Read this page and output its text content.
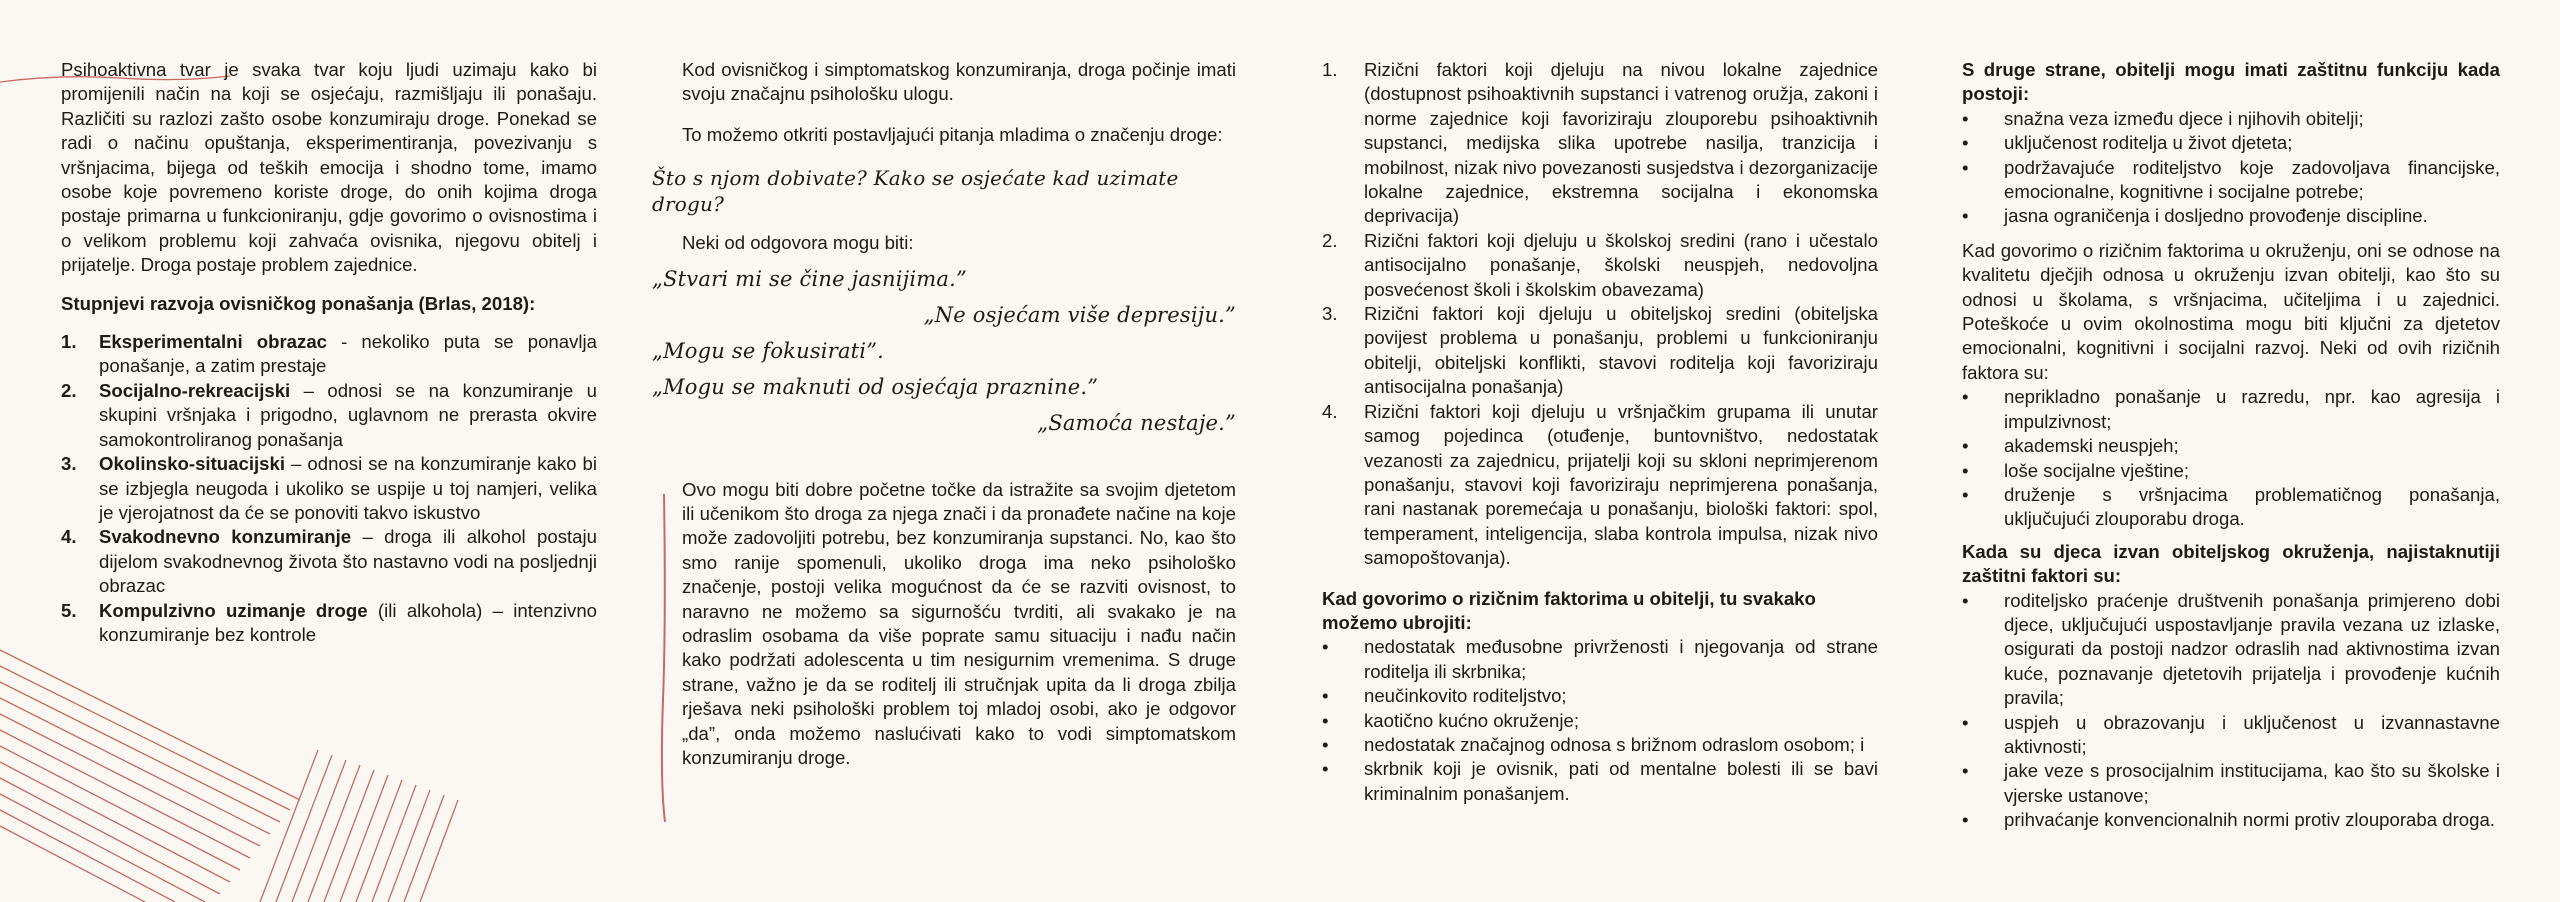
Psihoaktivna tvar je svaka tvar koju ljudi uzimaju kako bi promijenili način na koji se osjećaju, razmišljaju ili ponašaju. Različiti su razlozi zašto osobe konzumiraju droge. Ponekad se radi o načinu opuštanja, eksperimentiranja, povezivanju s vršnjacima, bijega od teških emocija i shodno tome, imamo osobe koje povremeno koriste droge, do onih kojima droga postaje primarna u funkcioniranju, gdje govorimo o ovisnostima i o velikom problemu koji zahvaća ovisnika, njegovu obitelj i prijatelje. Droga postaje problem zajednice.

Stupnjevi razvoja ovisničkog ponašanja (Brlas, 2018):

1. Eksperimentalni obrazac - nekoliko puta se ponavlja ponašanje, a zatim prestaje
2. Socijalno-rekreacijski – odnosi se na konzumiranje u skupini vršnjaka i prigodno, uglavnom ne prerasta okvire samokontroliranog ponašanja
3. Okolinsko-situacijski – odnosi se na konzumiranje kako bi se izbjegla neugoda i ukoliko se uspije u toj namjeri, velika je vjerojatnost da će se ponoviti takvo iskustvo
4. Svakodnevno konzumiranje – droga ili alkohol postaju dijelom svakodnevnog života što nastavno vodi na posljednji obrazac
5. Kompulzivno uzimanje droge (ili alkohola) – intenzivno konzumiranje bez kontrole

Kod ovisničkog i simptomatskog konzumiranja, droga počinje imati svoju značajnu psihološku ulogu.

To možemo otkriti postavljajući pitanja mladima o značenju droge:

Što s njom dobivate? Kako se osjećate kad uzimate drogu?

Neki od odgovora mogu biti:

„Stvari mi se čine jasnijima.”

„Ne osjećam više depresiju.”

„Mogu se fokusirati”.

„Mogu se maknuti od osjećaja praznine.”

„Samoća nestaje.”

Ovo mogu biti dobre početne točke da istražite sa svojim djetetom ili učenikom što droga za njega znači i da pronađete načine na koje može zadovoljiti potrebu, bez konzumiranja supstanci. No, kao što smo ranije spomenuli, ukoliko droga ima neko psihološko značenje, postoji velika mogućnost da će se razviti ovisnost, to naravno ne možemo sa sigurnošću tvrditi, ali svakako je na odraslim osobama da više poprate samu situaciju i nađu način kako podržati adolescenta u tim nesigurnim vremenima. S druge strane, važno je da se roditelj ili stručnjak upita da li droga zbilja rješava neki psihološki problem toj mladoj osobi, ako je odgovor „da”, onda možemo naslućivati kako to vodi simptomatskom konzumiranju droge.

1. Rizični faktori koji djeluju na nivou lokalne zajednice (dostupnost psihoaktivnih supstanci i vatrenog oružja, zakoni i norme zajednice koji favoriziraju zlouporebu psihoaktivnih supstanci, medijska slika upotrebe nasilja, tranzicija i mobilnost, nizak nivo povezanosti susjedstva i dezorganizacije lokalne zajednice, ekstremna socijalna i ekonomska deprivacija)
2. Rizični faktori koji djeluju u školskoj sredini (rano i učestalo antisocijalno ponašanje, školski neuspjeh, nedovoljna posvećenost školi i školskim obavezama)
3. Rizični faktori koji djeluju u obiteljskoj sredini (obiteljska povijest problema u ponašanju, problemi u funkcioniranju obitelji, obiteljski konflikti, stavovi roditelja koji favoriziraju antisocijalna ponašanja)
4. Rizični faktori koji djeluju u vršnjačkim grupama ili unutar samog pojedinca (otuđenje, buntovništvo, nedostatak vezanosti za zajednicu, prijatelji koji su skloni neprimjerenom ponašanju, stavovi koji favoriziraju neprimjerena ponašanja, rani nastanak poremećaja u ponašanju, biološki faktori: spol, temperament, inteligencija, slaba kontrola impulsa, nizak nivo samopoštovanja).

Kad govorimo o rizičnim faktorima u obitelji, tu svakako možemo ubrojiti:

• nedostatak međusobne privrženosti i njegovanja od strane roditelja ili skrbnika;
• neučinkovito roditeljstvo;
• kaotično kućno okruženje;
• nedostatak značajnog odnosa s brižnom odraslom osobom; i
• skrbnik koji je ovisnik, pati od mentalne bolesti ili se bavi kriminalnim ponašanjem.

S druge strane, obitelji mogu imati zaštitnu funkciju kada postoji:

• snažna veza između djece i njihovih obitelji;
• uključenost roditelja u život djeteta;
• podržavajuće roditeljstvo koje zadovoljava financijske, emocionalne, kognitivne i socijalne potrebe;
• jasna ograničenja i dosljedno provođenje discipline.

Kad govorimo o rizičnim faktorima u okruženju, oni se odnose na kvalitetu dječjih odnosa u okruženju izvan obitelji, kao što su odnosi u školama, s vršnjacima, učiteljima i u zajednici. Poteškoće u ovim okolnostima mogu biti ključni za djetetov emocionalni, kognitivni i socijalni razvoj. Neki od ovih rizičnih faktora su:

• neprikladno ponašanje u razredu, npr. kao agresija i impulzivnost;
• akademski neuspjeh;
• loše socijalne vještine;
• druženje s vršnjacima problematičnog ponašanja, uključujući zlouporabu droga.

Kada su djeca izvan obiteljskog okruženja, najistaknutiji zaštitni faktori su:

• roditeljsko praćenje društvenih ponašanja primjereno dobi djece, uključujući uspostavljanje pravila vezana uz izlaske, osigurati da postoji nadzor odraslih nad aktivnostima izvan kuće, poznavanje djetetovih prijatelja i provođenje kućnih pravila;
• uspjeh u obrazovanju i uključenost u izvannastavne aktivnosti;
• jake veze s prosocijalnim institucijama, kao što su školske i vjerske ustanove;
• prihvaćanje konvencionalnih normi protiv zlouporaba droga.
